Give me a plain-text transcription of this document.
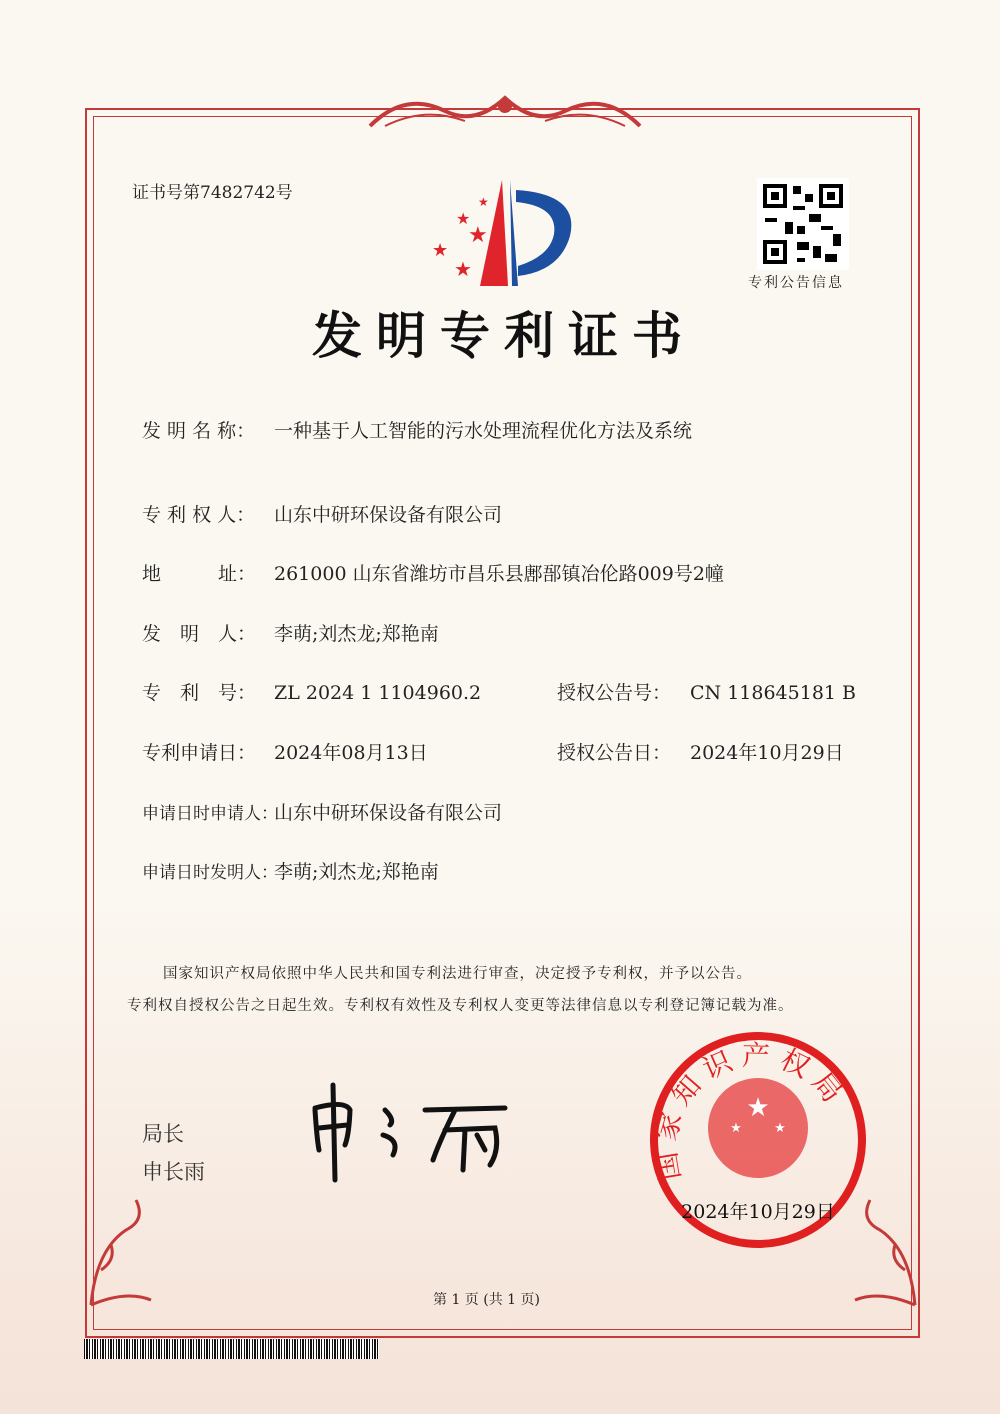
证书号第7482742号	★
★
★
★
★
专利公告信息
发明专利证书
发 明 名 称： 一种基于人工智能的污水处理流程优化方法及系统
专 利 权 人： 山东中研环保设备有限公司
地　　　址： 261000 山东省潍坊市昌乐县鄌郚镇冶伦路009号2幢
发　明　人： 李萌;刘杰龙;郑艳南
专　利　号： ZL 2024 1 1104960.2
专利申请日： 2024年08月13日
申请日时申请人：山东中研环保设备有限公司
申请日时发明人：李萌;刘杰龙;郑艳南
授权公告号： CN 118645181 B
授权公告日： 2024年10月29日
国家知识产权局依照中华人民共和国专利法进行审查，决定授予专利权，并予以公告。
专利权自授权公告之日起生效。专利权有效性及专利权人变更等法律信息以专利登记簿记载为准。
局长
申长雨
★
★ ★
国家知识产权局
2024年10月29日
第 1 页 (共 1 页)
